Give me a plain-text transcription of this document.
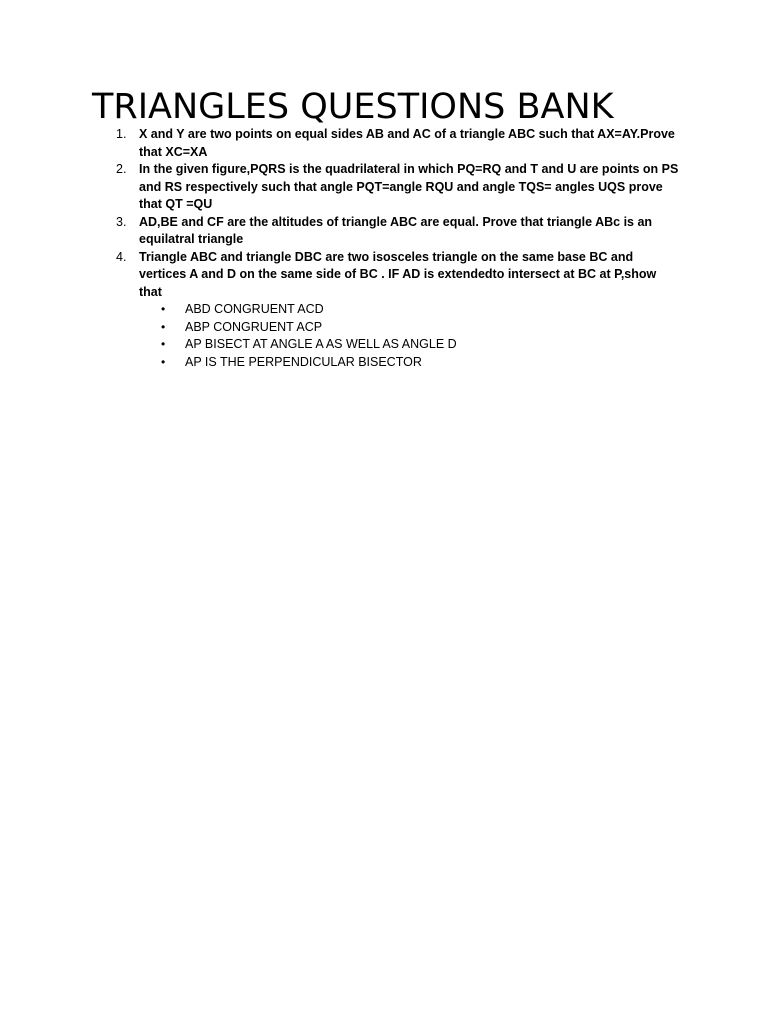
TRIANGLES QUESTIONS BANK
1. X and Y are two points on equal sides AB and AC of a triangle ABC such that AX=AY.Prove that XC=XA
2. In the given figure,PQRS is the quadrilateral in which PQ=RQ and T and U are points on PS and RS respectively such that angle PQT=angle RQU and angle TQS= angles UQS prove that QT =QU
3. AD,BE and CF are the altitudes of triangle ABC are equal. Prove that triangle ABc is an equilatral triangle
4. Triangle ABC and triangle DBC are two isosceles triangle on the same base BC and vertices A and D on the same side of BC . IF AD is extendedto intersect at BC at P,show that
• ABD CONGRUENT ACD
• ABP CONGRUENT ACP
• AP BISECT AT ANGLE A AS WELL AS ANGLE D
• AP IS THE PERPENDICULAR BISECTOR
